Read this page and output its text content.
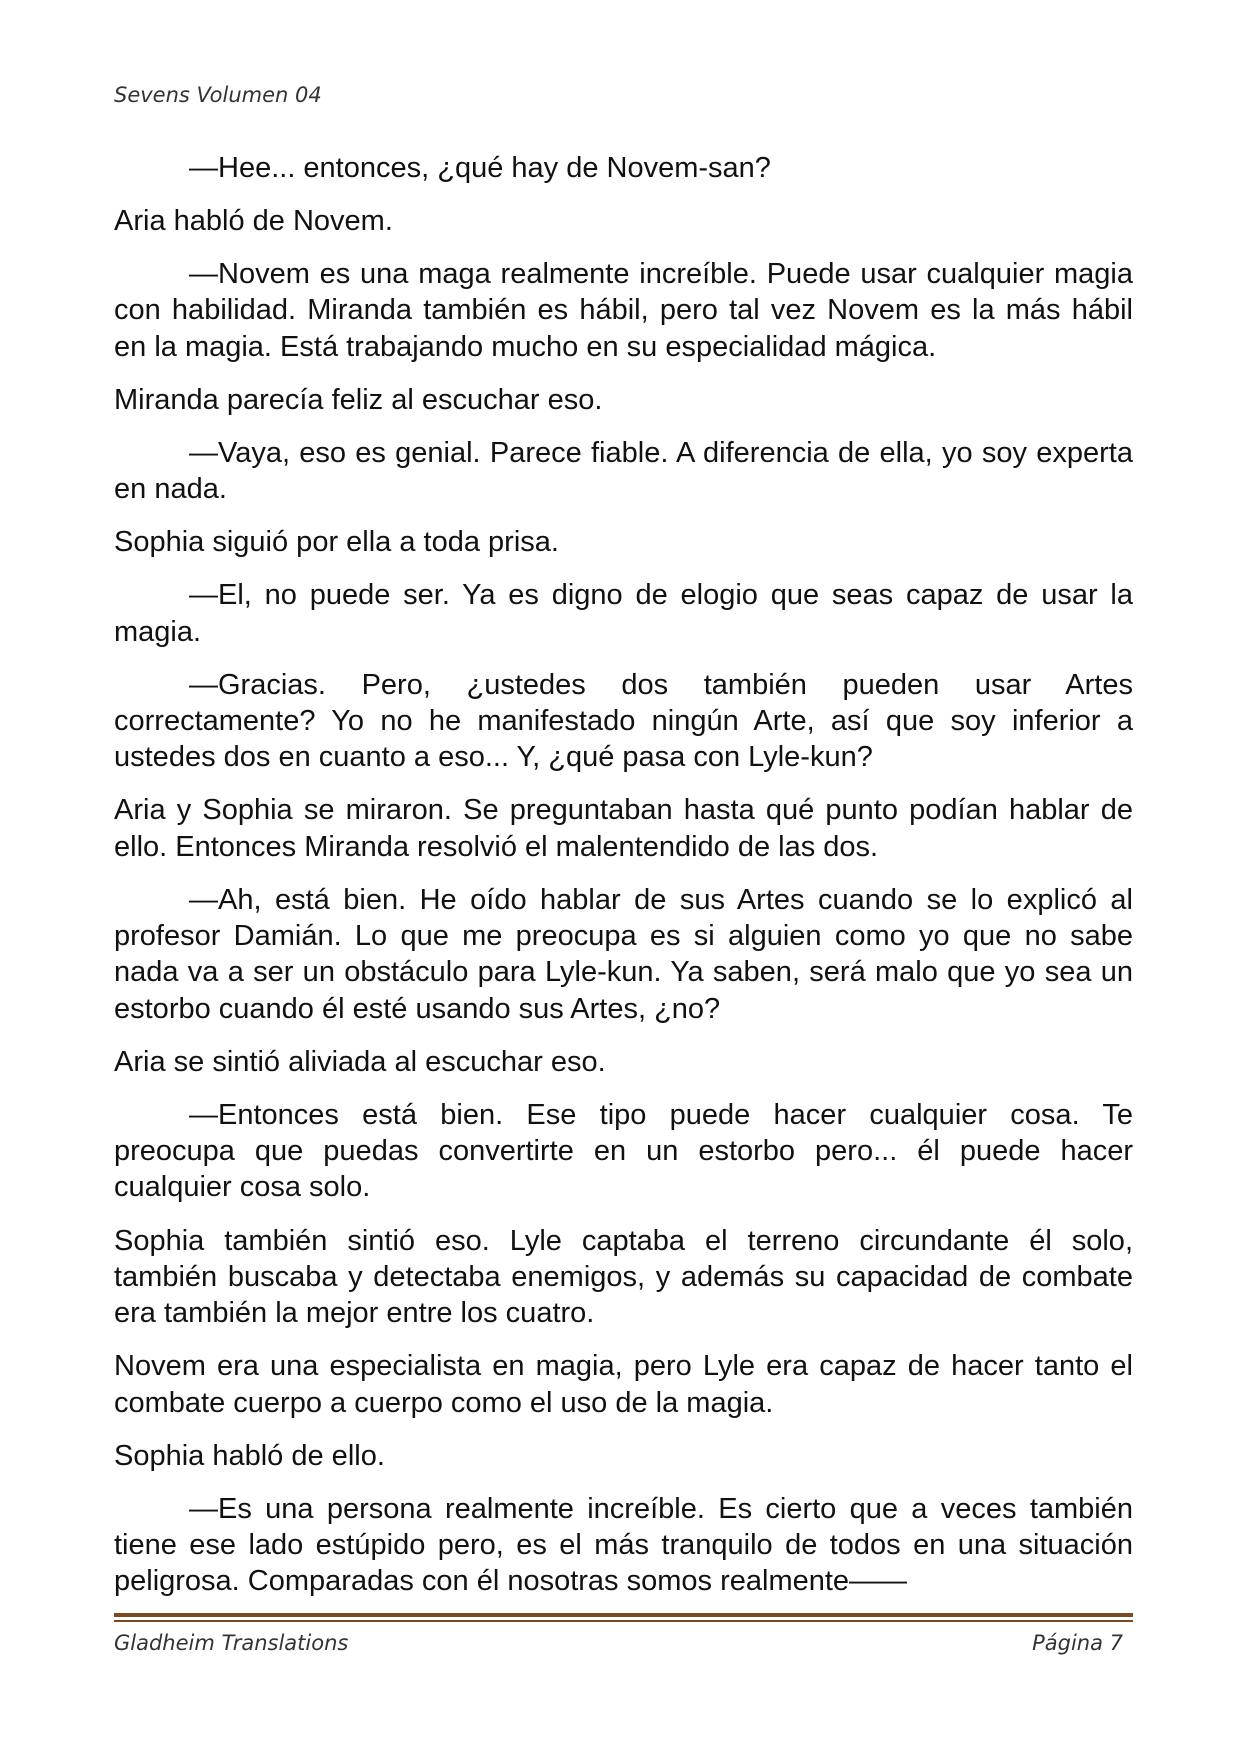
Sevens Volumen 04
—Hee... entonces, ¿qué hay de Novem-san?
Aria habló de Novem.
—Novem es una maga realmente increíble. Puede usar cualquier magia
con habilidad. Miranda también es hábil, pero tal vez Novem es la más hábil
en la magia. Está trabajando mucho en su especialidad mágica.
Miranda parecía feliz al escuchar eso.
—Vaya, eso es genial. Parece fiable. A diferencia de ella, yo soy experta
en nada.
Sophia siguió por ella a toda prisa.
—El, no puede ser. Ya es digno de elogio que seas capaz de usar la
magia.
—Gracias. Pero, ¿ustedes dos también pueden usar Artes
correctamente? Yo no he manifestado ningún Arte, así que soy inferior a
ustedes dos en cuanto a eso... Y, ¿qué pasa con Lyle-kun?
Aria y Sophia se miraron. Se preguntaban hasta qué punto podían hablar de
ello. Entonces Miranda resolvió el malentendido de las dos.
—Ah, está bien. He oído hablar de sus Artes cuando se lo explicó al
profesor Damián. Lo que me preocupa es si alguien como yo que no sabe
nada va a ser un obstáculo para Lyle-kun. Ya saben, será malo que yo sea un
estorbo cuando él esté usando sus Artes, ¿no?
Aria se sintió aliviada al escuchar eso.
—Entonces está bien. Ese tipo puede hacer cualquier cosa. Te
preocupa que puedas convertirte en un estorbo pero... él puede hacer
cualquier cosa solo.
Sophia también sintió eso. Lyle captaba el terreno circundante él solo,
también buscaba y detectaba enemigos, y además su capacidad de combate
era también la mejor entre los cuatro.
Novem era una especialista en magia, pero Lyle era capaz de hacer tanto el
combate cuerpo a cuerpo como el uso de la magia.
Sophia habló de ello.
—Es una persona realmente increíble. Es cierto que a veces también
tiene ese lado estúpido pero, es el más tranquilo de todos en una situación
peligrosa. Comparadas con él nosotras somos realmente——
Gladheim Translations	Página 7
